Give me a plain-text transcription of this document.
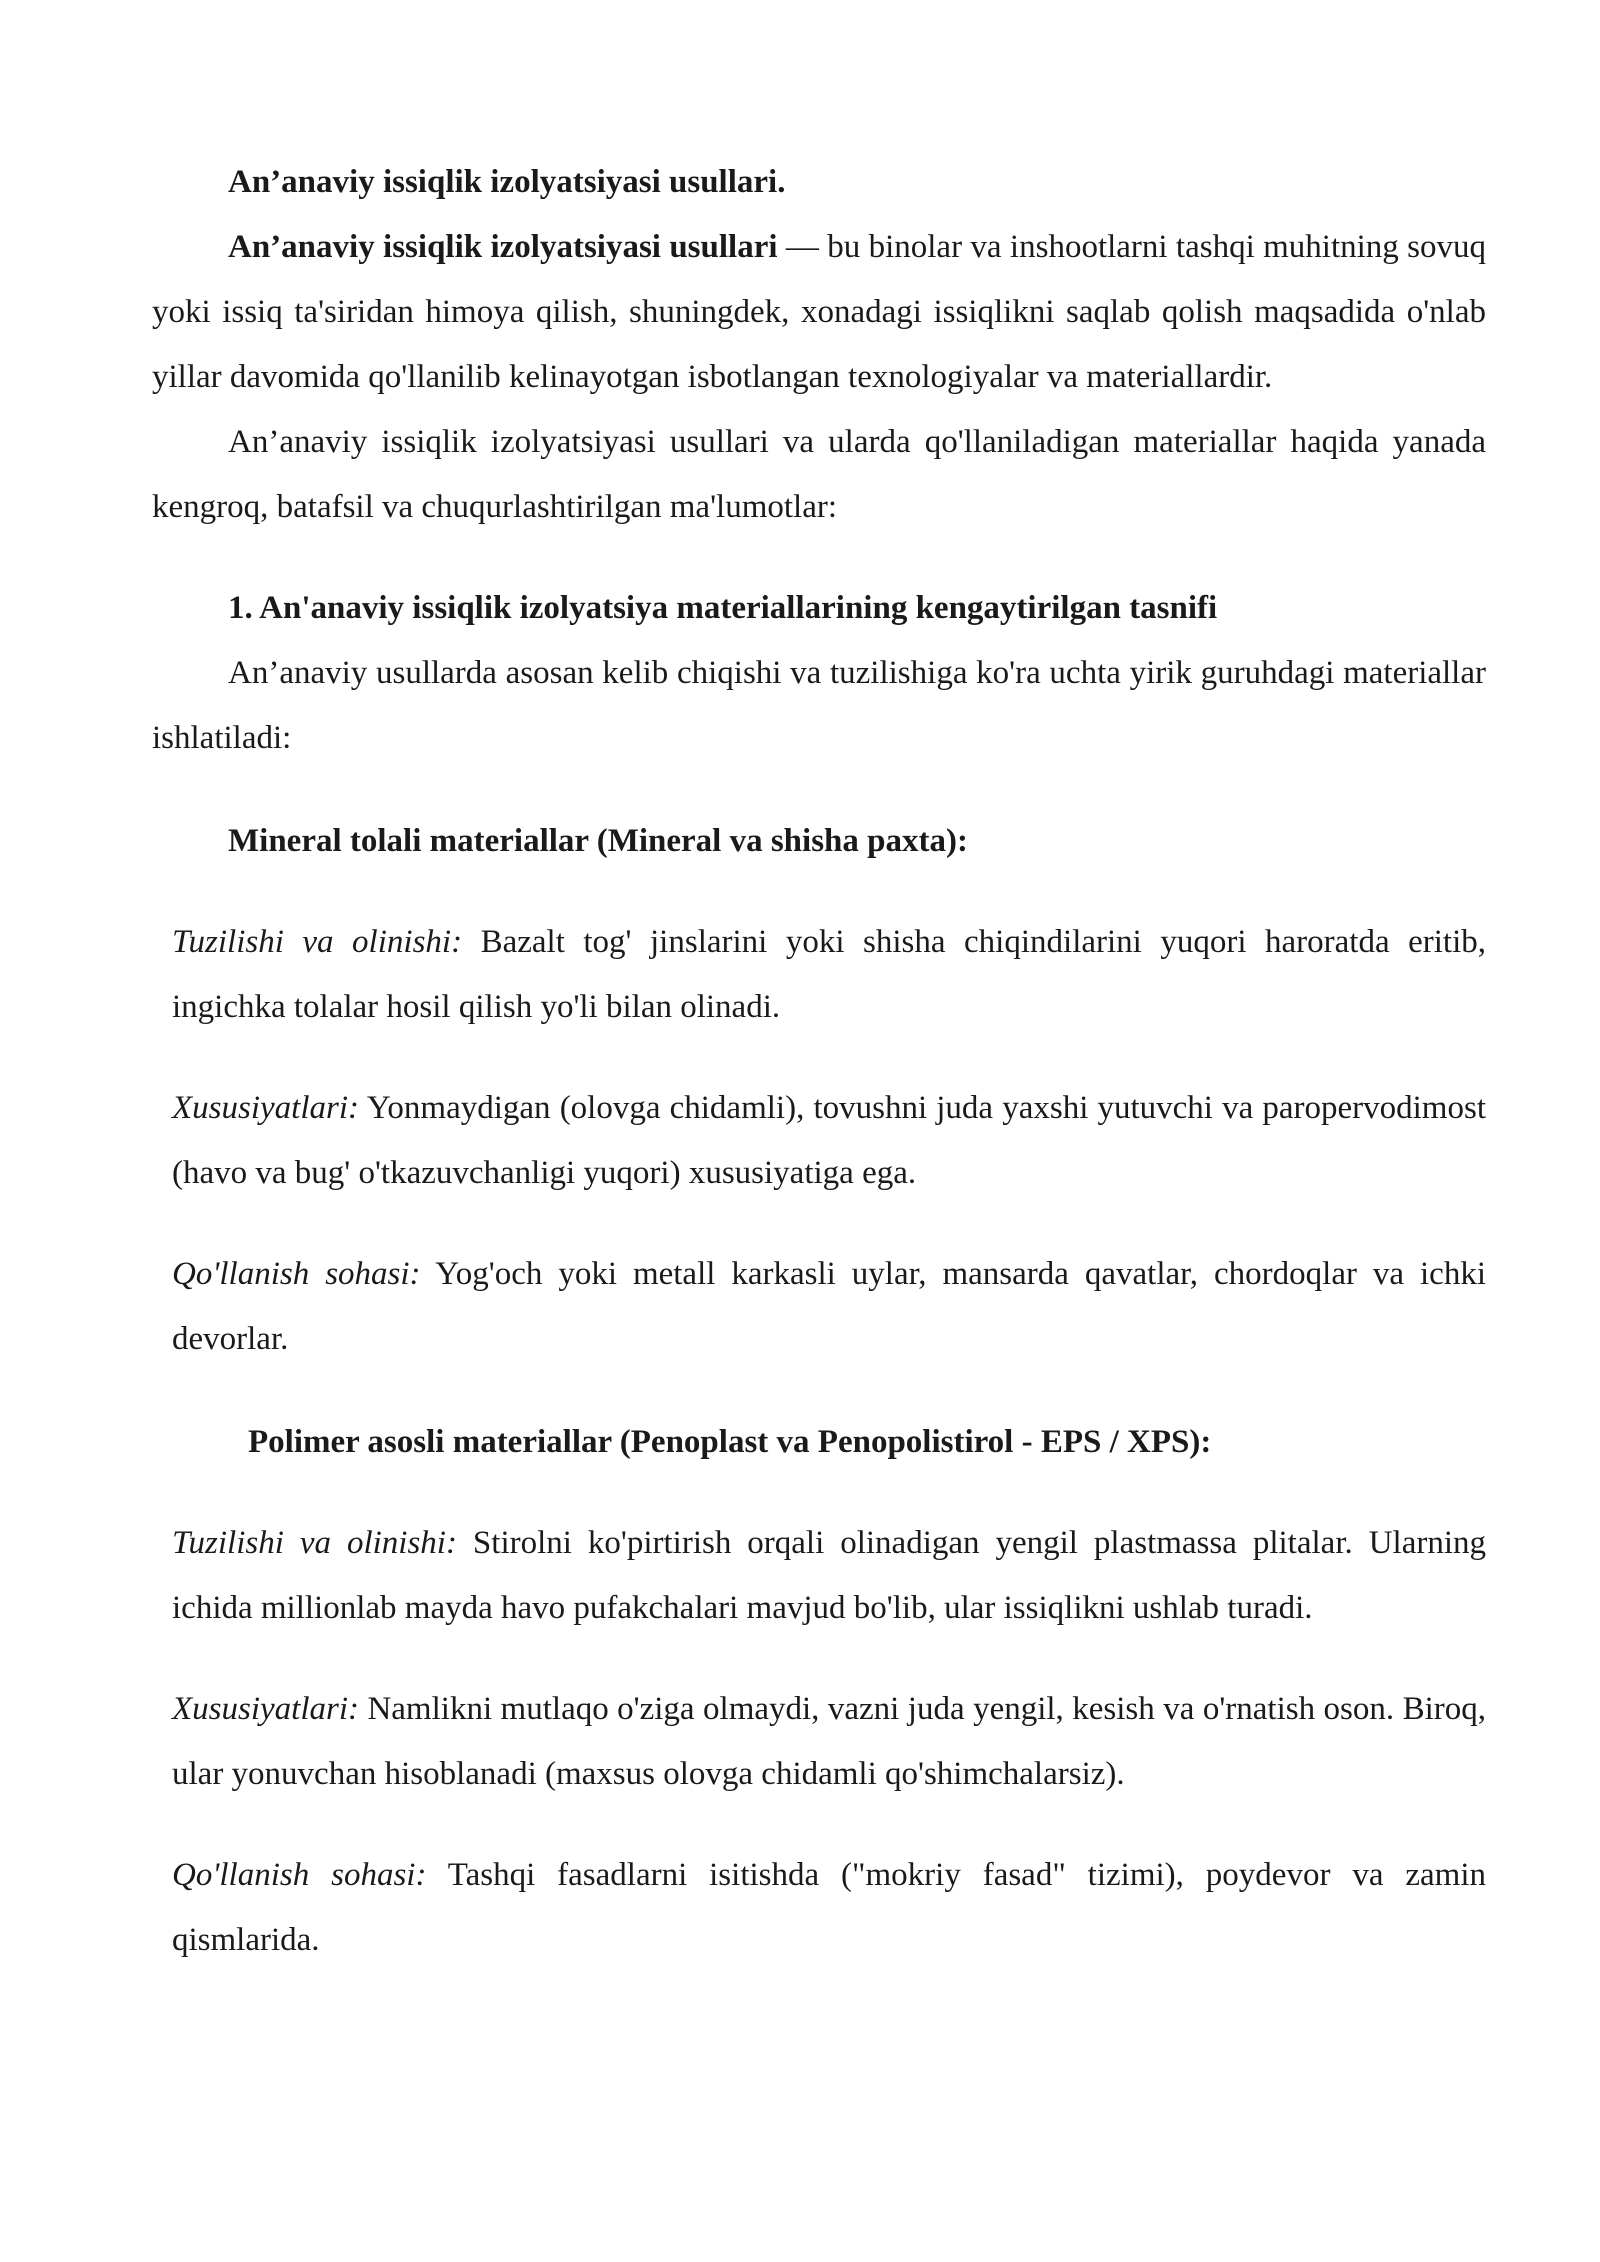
An’anaviy issiqlik izolyatsiyasi usullari.

An’anaviy issiqlik izolyatsiyasi usullari — bu binolar va inshootlarni tashqi muhitning sovuq yoki issiq ta'siridan himoya qilish, shuningdek, xonadagi issiqlikni saqlab qolish maqsadida o'nlab yillar davomida qo'llanilib kelinayotgan isbotlangan texnologiyalar va materiallardir.

An’anaviy issiqlik izolyatsiyasi usullari va ularda qo'llaniladigan materiallar haqida yanada kengroq, batafsil va chuqurlashtirilgan ma'lumotlar:

1. An'anaviy issiqlik izolyatsiya materiallarining kengaytirilgan tasnifi

An’anaviy usullarda asosan kelib chiqishi va tuzilishiga ko'ra uchta yirik guruhdagi materiallar ishlatiladi:

Mineral tolali materiallar (Mineral va shisha paxta):

Tuzilishi va olinishi: Bazalt tog' jinslarini yoki shisha chiqindilarini yuqori haroratda eritib, ingichka tolalar hosil qilish yo'li bilan olinadi.

Xususiyatlari: Yonmaydigan (olovga chidamli), tovushni juda yaxshi yutuvchi va paropervodimost (havo va bug' o'tkazuvchanligi yuqori) xususiyatiga ega.

Qo'llanish sohasi: Yog'och yoki metall karkasli uylar, mansarda qavatlar, chordoqlar va ichki devorlar.

Polimer asosli materiallar (Penoplast va Penopolistirol - EPS / XPS):

Tuzilishi va olinishi: Stirolni ko'pirtirish orqali olinadigan yengil plastmassa plitalar. Ularning ichida millionlab mayda havo pufakchalari mavjud bo'lib, ular issiqlikni ushlab turadi.

Xususiyatlari: Namlikni mutlaqo o'ziga olmaydi, vazni juda yengil, kesish va o'rnatish oson. Biroq, ular yonuvchan hisoblanadi (maxsus olovga chidamli qo'shimchalarsiz).

Qo'llanish sohasi: Tashqi fasadlarni isitishda ("mokriy fasad" tizimi), poydevor va zamin qismlarida.
